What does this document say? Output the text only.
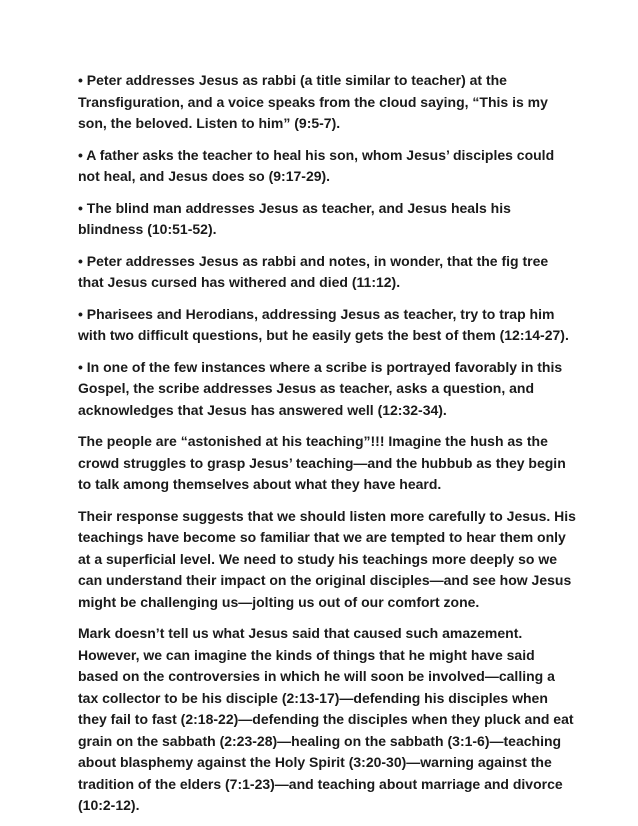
• Peter addresses Jesus as rabbi (a title similar to teacher) at the Transfiguration, and a voice speaks from the cloud saying, “This is my son, the beloved. Listen to him” (9:5-7).

• A father asks the teacher to heal his son, whom Jesus’ disciples could not heal, and Jesus does so (9:17-29).

• The blind man addresses Jesus as teacher, and Jesus heals his blindness (10:51-52).

• Peter addresses Jesus as rabbi and notes, in wonder, that the fig tree that Jesus cursed has withered and died (11:12).

• Pharisees and Herodians, addressing Jesus as teacher, try to trap him with two difficult questions, but he easily gets the best of them (12:14-27).

• In one of the few instances where a scribe is portrayed favorably in this Gospel, the scribe addresses Jesus as teacher, asks a question, and acknowledges that Jesus has answered well (12:32-34).

The people are “astonished at his teaching”!!! Imagine the hush as the crowd struggles to grasp Jesus’ teaching—and the hubbub as they begin to talk among themselves about what they have heard.

Their response suggests that we should listen more carefully to Jesus. His teachings have become so familiar that we are tempted to hear them only at a superficial level. We need to study his teachings more deeply so we can understand their impact on the original disciples—and see how Jesus might be challenging us—jolting us out of our comfort zone.

Mark doesn’t tell us what Jesus said that caused such amazement. However, we can imagine the kinds of things that he might have said based on the controversies in which he will soon be involved—calling a tax collector to be his disciple (2:13-17)—defending his disciples when they fail to fast (2:18-22)—defending the disciples when they pluck and eat grain on the sabbath (2:23-28)—healing on the sabbath (3:1-6)—teaching about blasphemy against the Holy Spirit (3:20-30)—warning against the tradition of the elders (7:1-23)—and teaching about marriage and divorce (10:2-12).
